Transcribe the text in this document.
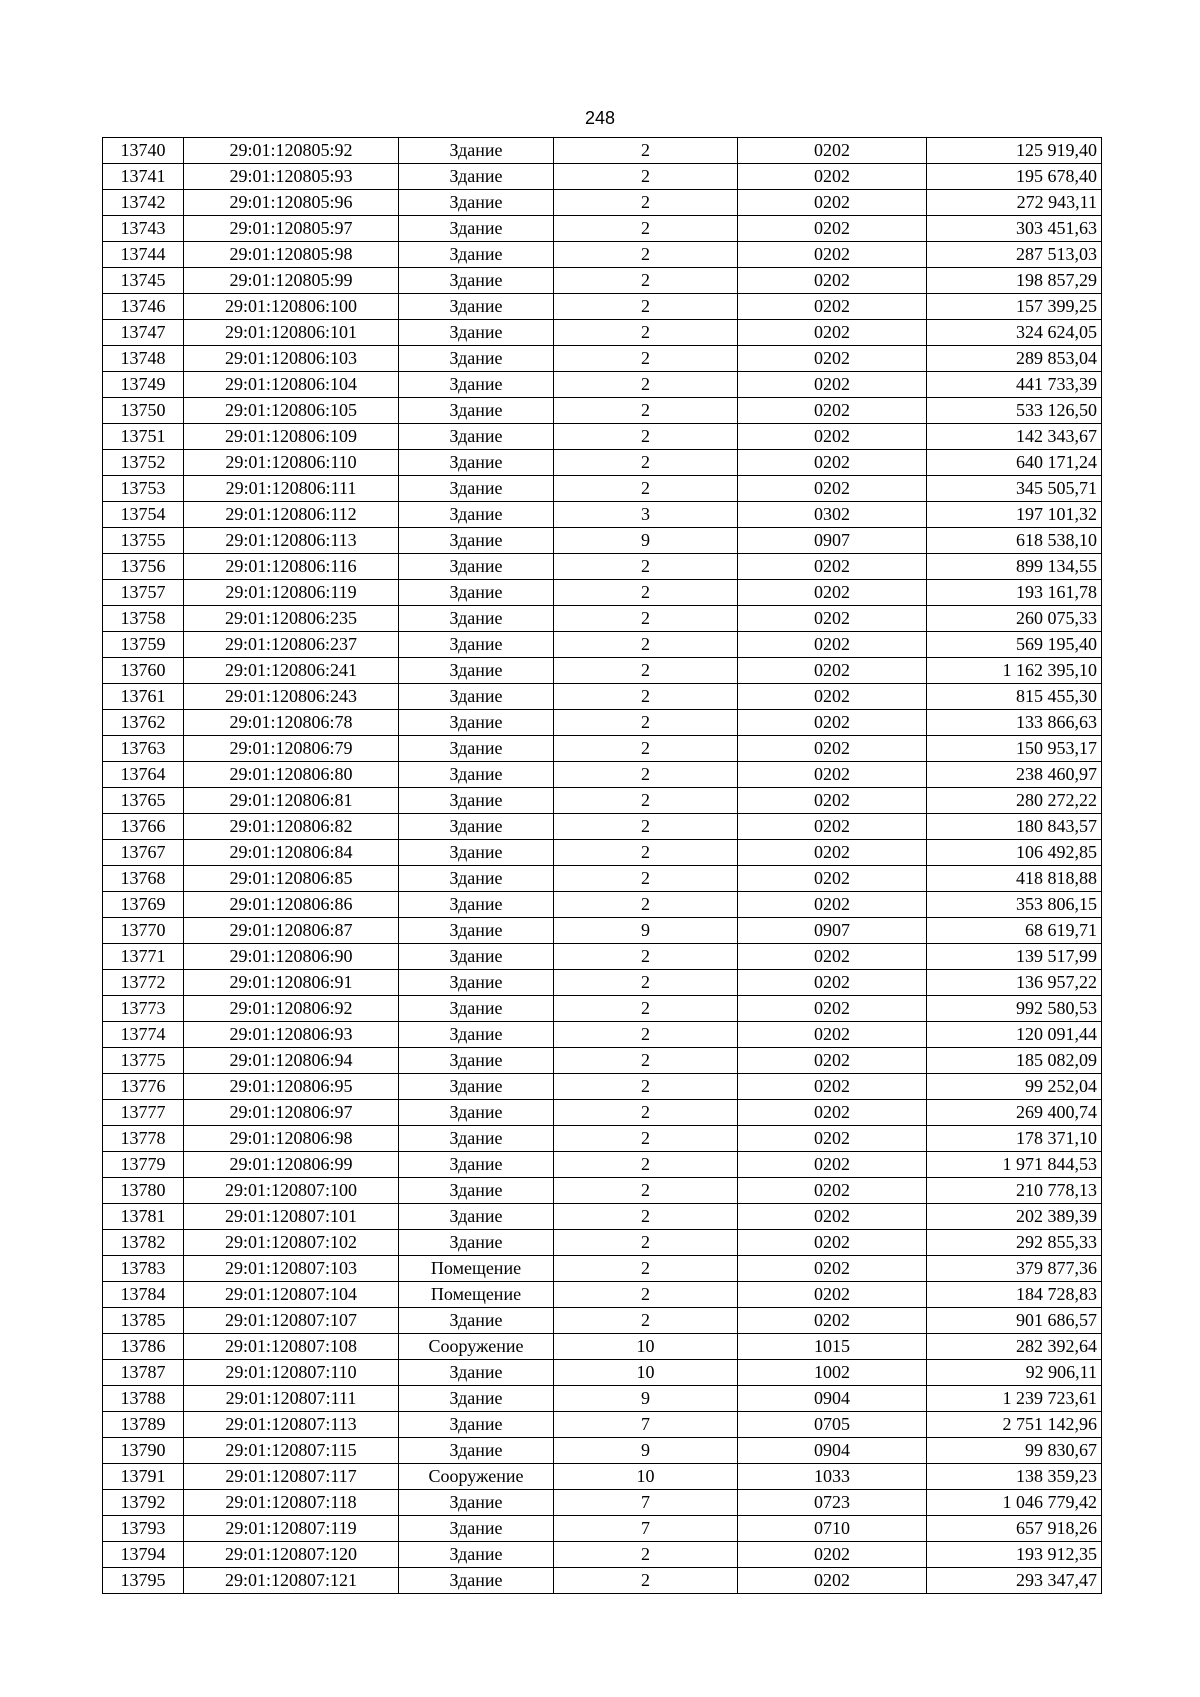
248
13740	29:01:120805:92	Здание	2	0202	125 919,40
13741	29:01:120805:93	Здание	2	0202	195 678,40
13742	29:01:120805:96	Здание	2	0202	272 943,11
13743	29:01:120805:97	Здание	2	0202	303 451,63
13744	29:01:120805:98	Здание	2	0202	287 513,03
13745	29:01:120805:99	Здание	2	0202	198 857,29
13746	29:01:120806:100	Здание	2	0202	157 399,25
13747	29:01:120806:101	Здание	2	0202	324 624,05
13748	29:01:120806:103	Здание	2	0202	289 853,04
13749	29:01:120806:104	Здание	2	0202	441 733,39
13750	29:01:120806:105	Здание	2	0202	533 126,50
13751	29:01:120806:109	Здание	2	0202	142 343,67
13752	29:01:120806:110	Здание	2	0202	640 171,24
13753	29:01:120806:111	Здание	2	0202	345 505,71
13754	29:01:120806:112	Здание	3	0302	197 101,32
13755	29:01:120806:113	Здание	9	0907	618 538,10
13756	29:01:120806:116	Здание	2	0202	899 134,55
13757	29:01:120806:119	Здание	2	0202	193 161,78
13758	29:01:120806:235	Здание	2	0202	260 075,33
13759	29:01:120806:237	Здание	2	0202	569 195,40
13760	29:01:120806:241	Здание	2	0202	1 162 395,10
13761	29:01:120806:243	Здание	2	0202	815 455,30
13762	29:01:120806:78	Здание	2	0202	133 866,63
13763	29:01:120806:79	Здание	2	0202	150 953,17
13764	29:01:120806:80	Здание	2	0202	238 460,97
13765	29:01:120806:81	Здание	2	0202	280 272,22
13766	29:01:120806:82	Здание	2	0202	180 843,57
13767	29:01:120806:84	Здание	2	0202	106 492,85
13768	29:01:120806:85	Здание	2	0202	418 818,88
13769	29:01:120806:86	Здание	2	0202	353 806,15
13770	29:01:120806:87	Здание	9	0907	68 619,71
13771	29:01:120806:90	Здание	2	0202	139 517,99
13772	29:01:120806:91	Здание	2	0202	136 957,22
13773	29:01:120806:92	Здание	2	0202	992 580,53
13774	29:01:120806:93	Здание	2	0202	120 091,44
13775	29:01:120806:94	Здание	2	0202	185 082,09
13776	29:01:120806:95	Здание	2	0202	99 252,04
13777	29:01:120806:97	Здание	2	0202	269 400,74
13778	29:01:120806:98	Здание	2	0202	178 371,10
13779	29:01:120806:99	Здание	2	0202	1 971 844,53
13780	29:01:120807:100	Здание	2	0202	210 778,13
13781	29:01:120807:101	Здание	2	0202	202 389,39
13782	29:01:120807:102	Здание	2	0202	292 855,33
13783	29:01:120807:103	Помещение	2	0202	379 877,36
13784	29:01:120807:104	Помещение	2	0202	184 728,83
13785	29:01:120807:107	Здание	2	0202	901 686,57
13786	29:01:120807:108	Сооружение	10	1015	282 392,64
13787	29:01:120807:110	Здание	10	1002	92 906,11
13788	29:01:120807:111	Здание	9	0904	1 239 723,61
13789	29:01:120807:113	Здание	7	0705	2 751 142,96
13790	29:01:120807:115	Здание	9	0904	99 830,67
13791	29:01:120807:117	Сооружение	10	1033	138 359,23
13792	29:01:120807:118	Здание	7	0723	1 046 779,42
13793	29:01:120807:119	Здание	7	0710	657 918,26
13794	29:01:120807:120	Здание	2	0202	193 912,35
13795	29:01:120807:121	Здание	2	0202	293 347,47
